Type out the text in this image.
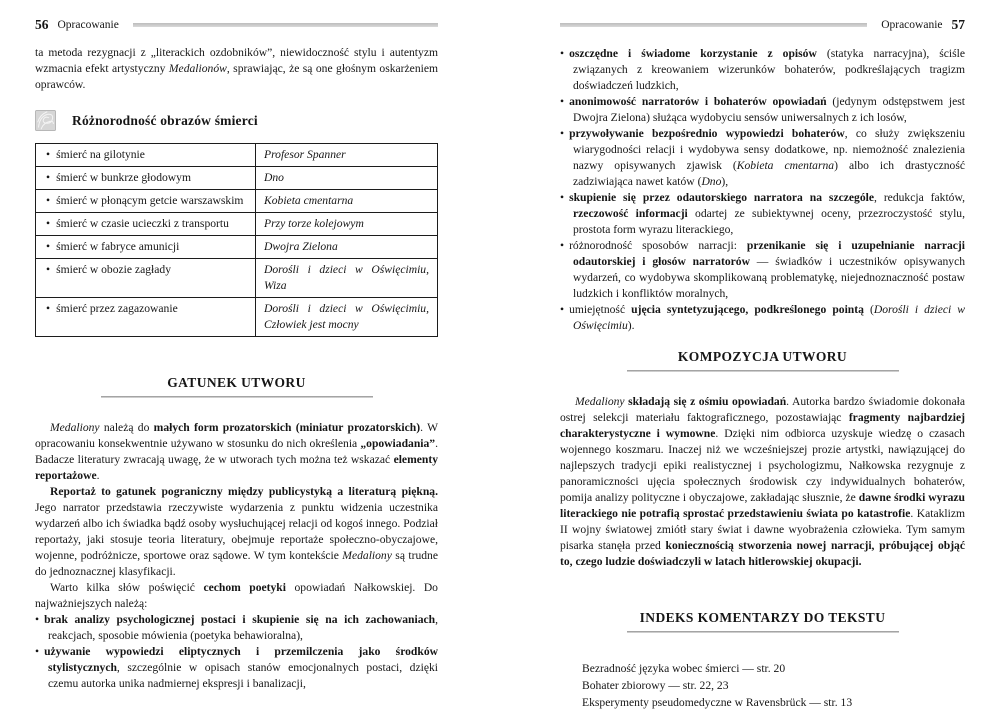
56 Opracowanie

ta metoda rezygnacji z „literackich ozdobników”, niewidoczność stylu i autentyzm wzmacnia efekt artystyczny Medalionów, sprawiając, że są one głośnym oskarżeniem oprawców.

Różnorodność obrazów śmierci
• śmierć na gilotynie	Profesor Spanner
• śmierć w bunkrze głodowym	Dno
• śmierć w płonącym getcie warszawskim	Kobieta cmentarna
• śmierć w czasie ucieczki z transportu	Przy torze kolejowym
• śmierć w fabryce amunicji	Dwojra Zielona
• śmierć w obozie zagłady	Dorośli i dzieci w Oświęcimiu, Wiza
• śmierć przez zagazowanie	Dorośli i dzieci w Oświęcimiu, Człowiek jest mocny
GATUNEK UTWORU

Medaliony należą do małych form prozatorskich (miniatur prozatorskich). W opracowaniu konsekwentnie używano w stosunku do nich określenia „opowiadania”. Badacze literatury zwracają uwagę, że w utworach tych można też wskazać elementy reportażowe.

Reportaż to gatunek pograniczny między publicystyką a literaturą piękną. Jego narrator przedstawia rzeczywiste wydarzenia z punktu widzenia uczestnika wydarzeń albo ich świadka bądź osoby wysłuchującej relacji od kogoś innego. Podział reportaży, jaki stosuje teoria literatury, obejmuje reportaże społeczno-obyczajowe, wojenne, podróżnicze, sportowe oraz sądowe. W tym kontekście Medaliony są trudne do jednoznacznej klasyfikacji.

Warto kilka słów poświęcić cechom poetyki opowiadań Nałkowskiej. Do najważniejszych należą:

• brak analizy psychologicznej postaci i skupienie się na ich zachowaniach, reakcjach, sposobie mówienia (poetyka behawioralna),
• używanie wypowiedzi eliptycznych i przemilczenia jako środków stylistycznych, szczególnie w opisach stanów emocjonalnych postaci, dzięki czemu autorka unika nadmiernej ekspresji i banalizacji,
Opracowanie 57
• oszczędne i świadome korzystanie z opisów (statyka narracyjna), ściśle związanych z kreowaniem wizerunków bohaterów, podkreślających tragizm doświadczeń ludzkich,
• anonimowość narratorów i bohaterów opowiadań (jedynym odstępstwem jest Dwojra Zielona) służąca wydobyciu sensów uniwersalnych z ich losów,
• przywoływanie bezpośrednio wypowiedzi bohaterów, co służy zwiększeniu wiarygodności relacji i wydobywa sensy dodatkowe, np. niemożność znalezienia nazwy opisywanych zjawisk (Kobieta cmentarna) albo ich drastyczność zadziwiająca nawet katów (Dno),
• skupienie się przez odautorskiego narratora na szczególe, redukcja faktów, rzeczowość informacji odartej ze subiektywnej oceny, przezroczystość stylu, prostota form wyrazu literackiego,
• różnorodność sposobów narracji: przenikanie się i uzupełnianie narracji odautorskiej i głosów narratorów — świadków i uczestników opisywanych wydarzeń, co wydobywa skomplikowaną problematykę, niejednoznaczność postaw ludzkich i konfliktów moralnych,
• umiejętność ujęcia syntetyzującego, podkreślonego pointą (Dorośli i dzieci w Oświęcimiu).
KOMPOZYCJA UTWORU

Medaliony składają się z ośmiu opowiadań. Autorka bardzo świadomie dokonała ostrej selekcji materiału faktograficznego, pozostawiając fragmenty najbardziej charakterystyczne i wymowne. Dzięki nim odbiorca uzyskuje wiedzę o czasach wojennego koszmaru. Inaczej niż we wcześniejszej prozie artystki, nawiązującej do najlepszych tradycji epiki realistycznej i psychologizmu, Nałkowska rezygnuje z panoramiczności ujęcia społecznych środowisk czy indywidualnych bohaterów, pomija analizy polityczne i obyczajowe, zakładając słusznie, że dawne środki wyrazu literackiego nie potrafią sprostać przedstawieniu świata po katastrofie. Kataklizm II wojny światowej zmiótł stary świat i dawne wyobrażenia człowieka. Tym samym pisarka stanęła przed koniecznością stworzenia nowej narracji, próbującej objąć to, czego ludzie doświadczyli w latach hitlerowskiej okupacji.

INDEKS KOMENTARZY DO TEKSTU
Bezradność języka wobec śmierci — str. 20
Bohater zbiorowy — str. 22, 23
Eksperymenty pseudomedyczne w Ravensbrück — str. 13
